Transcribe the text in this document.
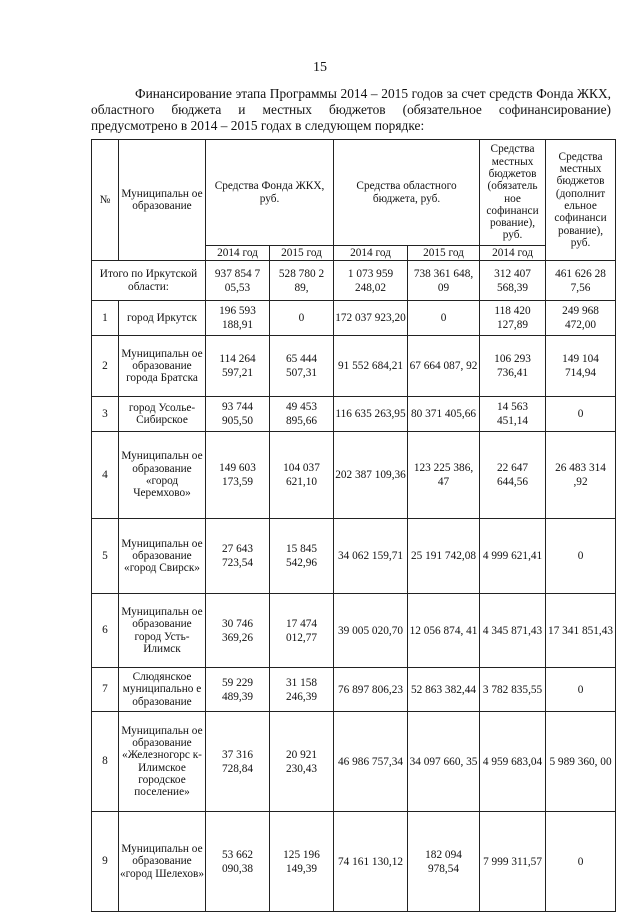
15
Финансирование этапа Программы 2014 – 2015 годов за счет средств Фонда ЖКХ, областного бюджета и местных бюджетов (обязательное софинансирование) предусмотрено в 2014 – 2015 годах в следующем порядке:
№	Муниципальн ое образование	Средства Фонда ЖКХ, руб.		Средства областного бюджета, руб.		Средства местных бюджетов (обязатель ное софинанси рование), руб.	Средства местных бюджетов (дополнит ельное софинанси рование), руб.
		2014 год	2015 год	2014 год	2015 год	2014 год	
Итого по Иркутской области:		937 854 7 05,53	528 780 2 89,	1 073 959 248,02	738 361 648, 09	312 407 568,39	461 626 28 7,56
1	город Иркутск	196 593 188,91	0	172 037 923,20	0	118 420 127,89	249 968 472,00
2	Муниципальн ое образование города Братска	114 264 597,21	65 444 507,31	91 552 684,21	67 664 087, 92	106 293 736,41	149 104 714,94
3	город Усолье-Сибирское	93 744 905,50	49 453 895,66	116 635 263,95	80 371 405,66	14 563 451,14	0
4	Муниципальн ое образование «город Черемхово»	149 603 173,59	104 037 621,10	202 387 109,36	123 225 386, 47	22 647 644,56	26 483 314 ,92
5	Муниципальн ое образование «город Свирск»	27 643 723,54	15 845 542,96	34 062 159,71	25 191 742,08	4 999 621,41	0
6	Муниципальн ое образование город Усть-Илимск	30 746 369,26	17 474 012,77	39 005 020,70	12 056 874, 41	4 345 871,43	17 341 851,43
7	Слюдянское муниципально е образование	59 229 489,39	31 158 246,39	76 897 806,23	52 863 382,44	3 782 835,55	0
8	Муниципальн ое образование «Железногорс к-Илимское городское поселение»	37 316 728,84	20 921 230,43	46 986 757,34	34 097 660, 35	4 959 683,04	5 989 360, 00
9	Муниципальн ое образование «город Шелехов»	53 662 090,38	125 196 149,39	74 161 130,12	182 094 978,54	7 999 311,57	0
